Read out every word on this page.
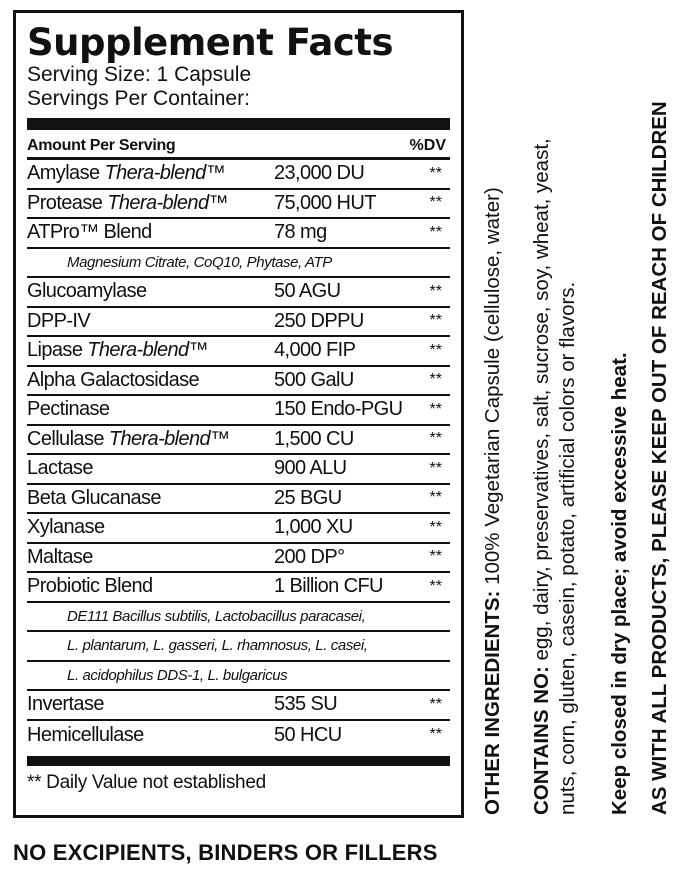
Supplement Facts
Serving Size: 1 Capsule
Servings Per Container:
Amount Per Serving	%DV
Amylase Thera-blend™	23,000 DU	**
Protease Thera-blend™	75,000 HUT	**
ATPro™ Blend	78 mg	**
Magnesium Citrate, CoQ10, Phytase, ATP
Glucoamylase	50 AGU	**
DPP-IV	250 DPPU	**
Lipase Thera-blend™	4,000 FIP	**
Alpha Galactosidase	500 GalU	**
Pectinase	150 Endo-PGU	**
Cellulase Thera-blend™	1,500 CU	**
Lactase	900 ALU	**
Beta Glucanase	25 BGU	**
Xylanase	1,000 XU	**
Maltase	200 DP°	**
Probiotic Blend	1 Billion CFU	**
DE111 Bacillus subtilis, Lactobacillus paracasei,
L. plantarum, L. gasseri, L. rhamnosus, L. casei,
L. acidophilus DDS-1, L. bulgaricus
Invertase	535 SU	**
Hemicellulase	50 HCU	**
** Daily Value not established
NO EXCIPIENTS, BINDERS OR FILLERS
OTHER INGREDIENTS: 100% Vegetarian Capsule (cellulose, water)
CONTAINS NO: egg, dairy, preservatives, salt, sucrose, soy, wheat, yeast, nuts, corn, gluten, casein, potato, artificial colors or flavors. Keep closed in dry place; avoid excessive heat. AS WITH ALL PRODUCTS, PLEASE KEEP OUT OF REACH OF CHILDREN
